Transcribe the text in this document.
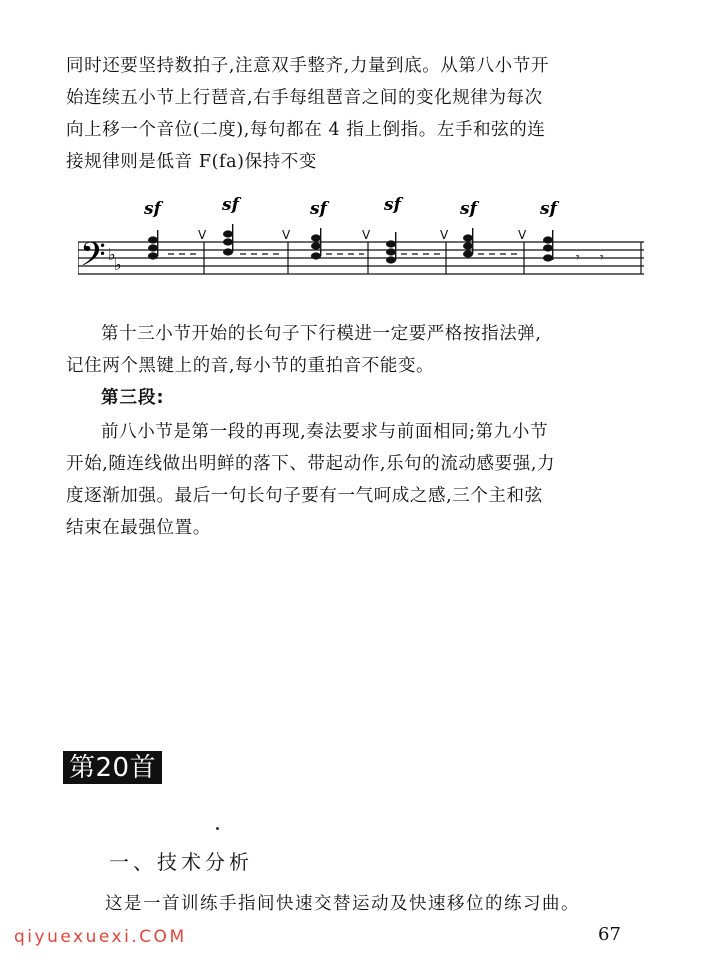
同时还要坚持数拍子,注意双手整齐,力量到底。从第八小节开
始连续五小节上行琶音,右手每组琶音之间的变化规律为每次
向上移一个音位(二度),每句都在 4 指上倒指。左手和弦的连
接规律则是低音 F(fa)保持不变
𝄢 ♭
♭	𝄾 𝄾
sf	sf	sf	sf	sf	sf
V	V	V	V	V
第十三小节开始的长句子下行模进一定要严格按指法弹,
记住两个黑键上的音,每小节的重拍音不能变。
第三段:
前八小节是第一段的再现,奏法要求与前面相同;第九小节
开始,随连线做出明鲜的落下、带起动作,乐句的流动感要强,力
度逐渐加强。最后一句长句子要有一气呵成之感,三个主和弦
结束在最强位置。
第20首
一、技术分析
这是一首训练手指间快速交替运动及快速移位的练习曲。
qiyuexuexi.COM	67
